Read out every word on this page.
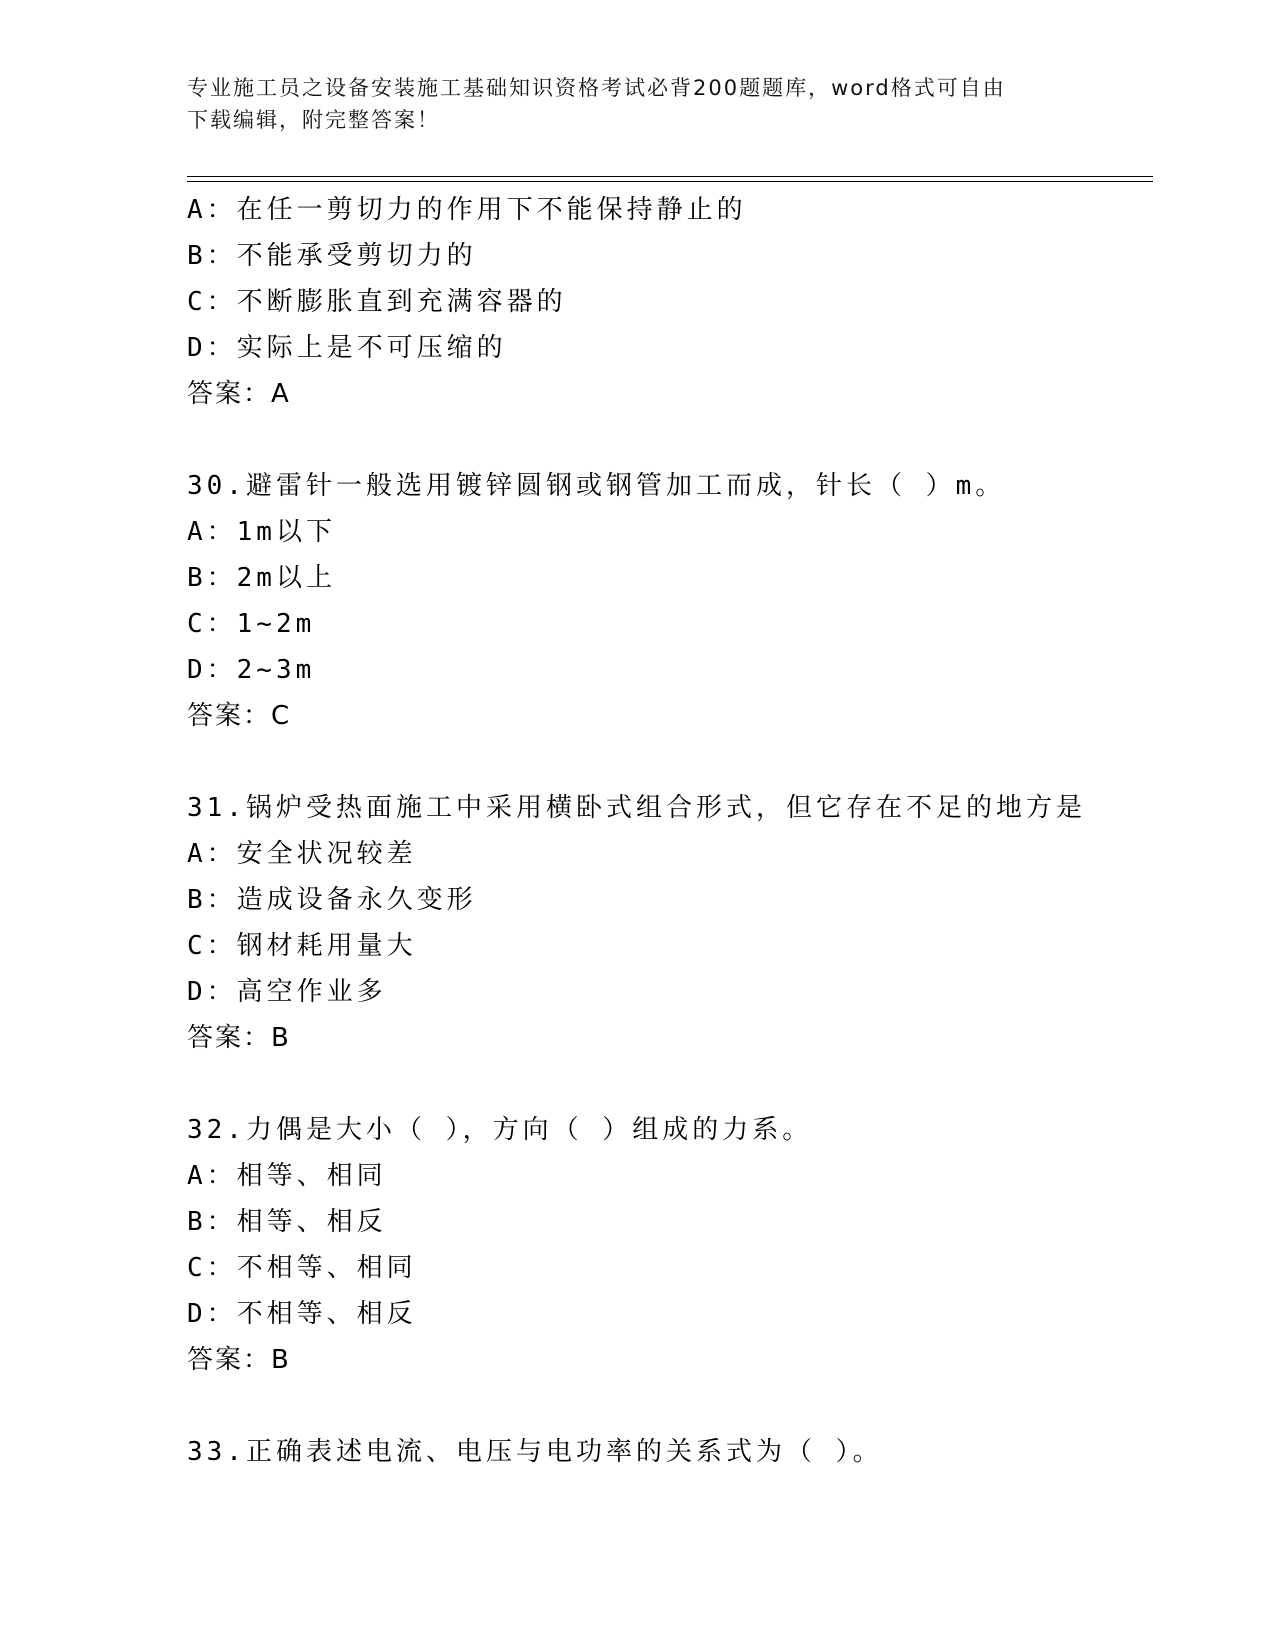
专业施工员之设备安装施工基础知识资格考试必背200题题库，word格式可自由
下载编辑，附完整答案！
A：在任一剪切力的作用下不能保持静止的
B：不能承受剪切力的
C：不断膨胀直到充满容器的
D：实际上是不可压缩的
答案：A
30.避雷针一般选用镀锌圆钢或钢管加工而成，针长（ ）m。
A：1m以下
B：2m以上
C：1~2m
D：2~3m
答案：C
31.锅炉受热面施工中采用横卧式组合形式，但它存在不足的地方是
A：安全状况较差
B：造成设备永久变形
C：钢材耗用量大
D：高空作业多
答案：B
32.力偶是大小（ ），方向（ ）组成的力系。
A：相等、相同
B：相等、相反
C：不相等、相同
D：不相等、相反
答案：B
33.正确表述电流、电压与电功率的关系式为（ ）。
